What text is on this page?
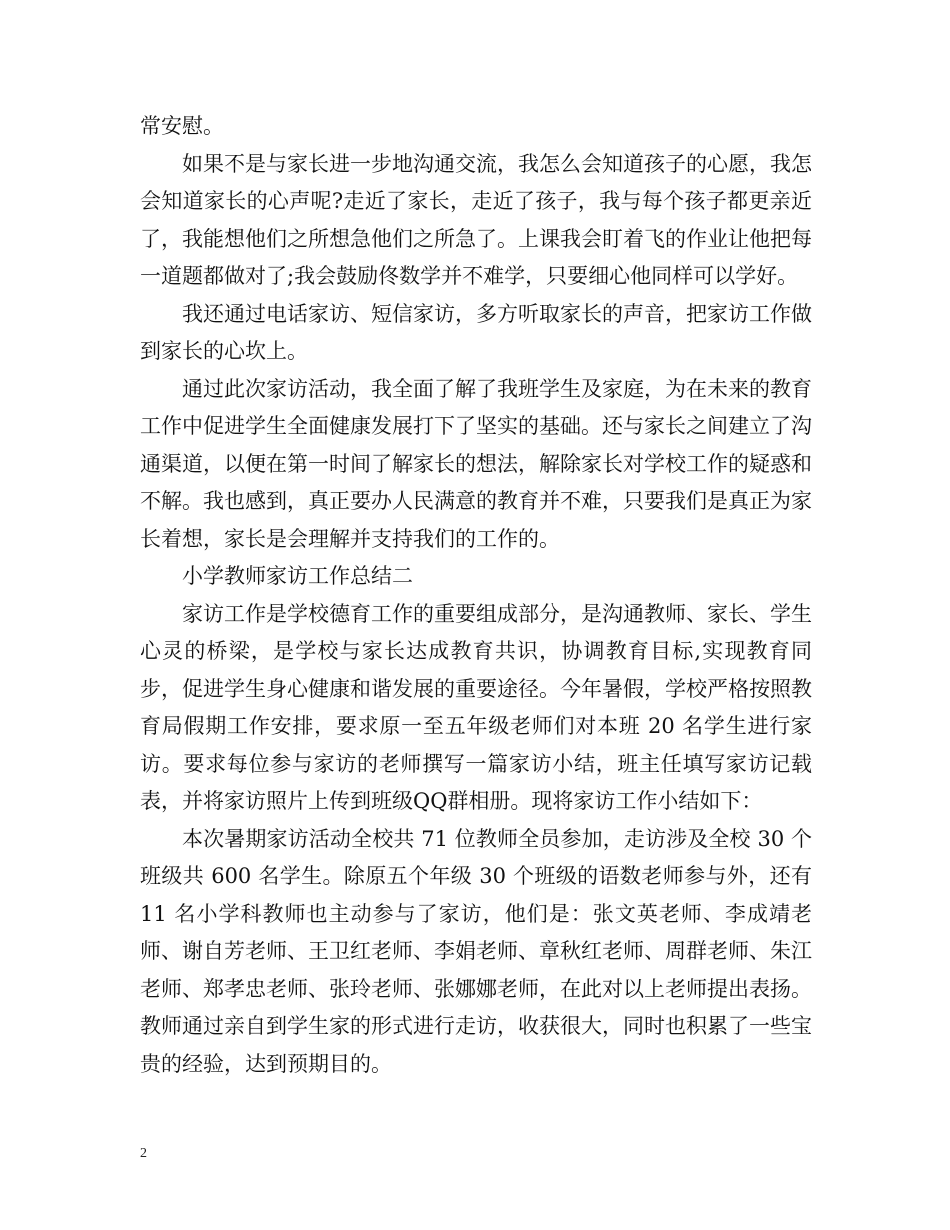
常安慰。

如果不是与家长进一步地沟通交流，我怎么会知道孩子的心愿，我怎会知道家长的心声呢?走近了家长，走近了孩子，我与每个孩子都更亲近了，我能想他们之所想急他们之所急了。上课我会盯着飞的作业让他把每一道题都做对了;我会鼓励佟数学并不难学，只要细心他同样可以学好。

我还通过电话家访、短信家访，多方听取家长的声音，把家访工作做到家长的心坎上。

通过此次家访活动，我全面了解了我班学生及家庭，为在未来的教育工作中促进学生全面健康发展打下了坚实的基础。还与家长之间建立了沟通渠道，以便在第一时间了解家长的想法，解除家长对学校工作的疑惑和不解。我也感到，真正要办人民满意的教育并不难，只要我们是真正为家长着想，家长是会理解并支持我们的工作的。

小学教师家访工作总结二

家访工作是学校德育工作的重要组成部分，是沟通教师、家长、学生心灵的桥梁，是学校与家长达成教育共识，协调教育目标,实现教育同步，促进学生身心健康和谐发展的重要途径。今年暑假，学校严格按照教育局假期工作安排，要求原一至五年级老师们对本班 20 名学生进行家访。要求每位参与家访的老师撰写一篇家访小结，班主任填写家访记载表，并将家访照片上传到班级QQ群相册。现将家访工作小结如下：

本次暑期家访活动全校共 71 位教师全员参加，走访涉及全校 30 个班级共 600 名学生。除原五个年级 30 个班级的语数老师参与外，还有 11 名小学科教师也主动参与了家访，他们是：张文英老师、李成靖老师、谢自芳老师、王卫红老师、李娟老师、章秋红老师、周群老师、朱江老师、郑孝忠老师、张玲老师、张娜娜老师，在此对以上老师提出表扬。教师通过亲自到学生家的形式进行走访，收获很大，同时也积累了一些宝贵的经验，达到预期目的。

2
